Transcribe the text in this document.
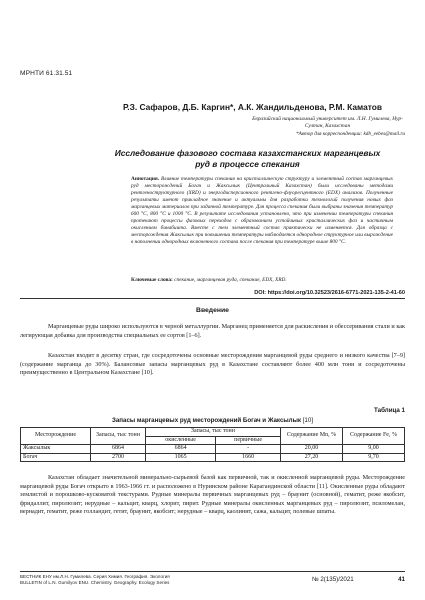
МРНТИ 61.31.51
Р.З. Сафаров, Д.Б. Каргин*, А.К. Жандильденова, Р.М. Каматов
Евразийский национальный университет им. Л.Н. Гумилева, Нур-Султан, Казахстан
*Автор для корреспонденции: kdb_eebes@mail.ru
Исследование фазового состава казахстанских марганцевых
руд в процессе спекания
Аннотация. Влияние температуры спекания на кристаллическую структуру и элементный состав марганцевых руд месторождений Богач и Жаксылык (Центральный Казахстан) были исследованы методами рентгеноструктурного (XRD) и энергодисперсионного рентгено-флуоресцентного (EDX) анализов. Полученные результаты имеют прикладное значение и актуальны для разработки технологий получения новых фаз марганцевых материалов при заданной температуре. Для процесса спекания были выбраны значения температур 600 °С, 800 °С и 1000 °С. В результате исследования установлено, что при изменении температуры спекания протекают процессы фазовых переходов с образованием устойчивых кристаллических фаз и частичным окислением бинабиита. Вместе с тем элементный состав практически не изменяется. Для образца с месторождения Жаксылык при повышении температуры наблюдается однородное структурное или вырождение в наполнении однородных включенного состава после спекания при температуре выше 800 °С.
Ключевые слова: спекание, марганцевая руда, спекание, EDX, XRD.
DOI: https://doi.org/10.32523/2616-6771-2021-135-2-41-60
Введение
Марганцевые руды широко используются в черной металлургии. Марганец применяется для раскисления и обессеривания стали и как легирующая добавка для производства специальных ее сортов [1–6].
Казахстан входит в десятку стран, где сосредоточены основные месторождения марганцевой руды среднего и низкого качества [7–9] (содержание марганца до 30%). Балансовые запасы марганцевых руд в Казахстане составляют более 400 млн тонн и сосредоточены преимущественно в Центральном Казахстане [10].
Таблица 1
Запасы марганцевых руд месторождений Богач и Жаксылык [10]
Месторождение	Запасы, тыс тонн	Запасы, тыс тонн		Содержание Mn, %	Содержание Fe, %
		окисленные	первичные		
Жаксылык	6864	6864	-	20,00	9,00
Богач	2700	1065	1660	27,20	9,70
Казахстан обладает значительной минерально-сырьевой базой как первичной, так и окисленной марганцевой руды. Месторождение марганцевой руды Богач открыто в 1963-1966 гг. и расположено в Нуринском районе Карагандинской области [11]. Окисленные руды обладают землистой и порошково-кусковатой текстурами. Рудные минералы первичных марганцевых руд – браунит (основной), гематит, реже якобсит, фридаллит, пиролюзит; нерудные – кальцит, кварц, хлорит, пирит. Рудные минералы окисленных марганцевых руд – пиролюзит, псиломелан, вернадит, гематит, реже голландит, гетит, браунит, якобсит; нерудные – кварц, каолинит, сажа, кальцит, полевые шпаты.
ВЕСТНИК ЕНУ им.Л.Н. Гумилева. Серия Химия. География. Экология
BULLETIN of L.N. Gumilyov ENU. Chemistry. Geography. Ecology Series	№ 2(135)/2021	41
